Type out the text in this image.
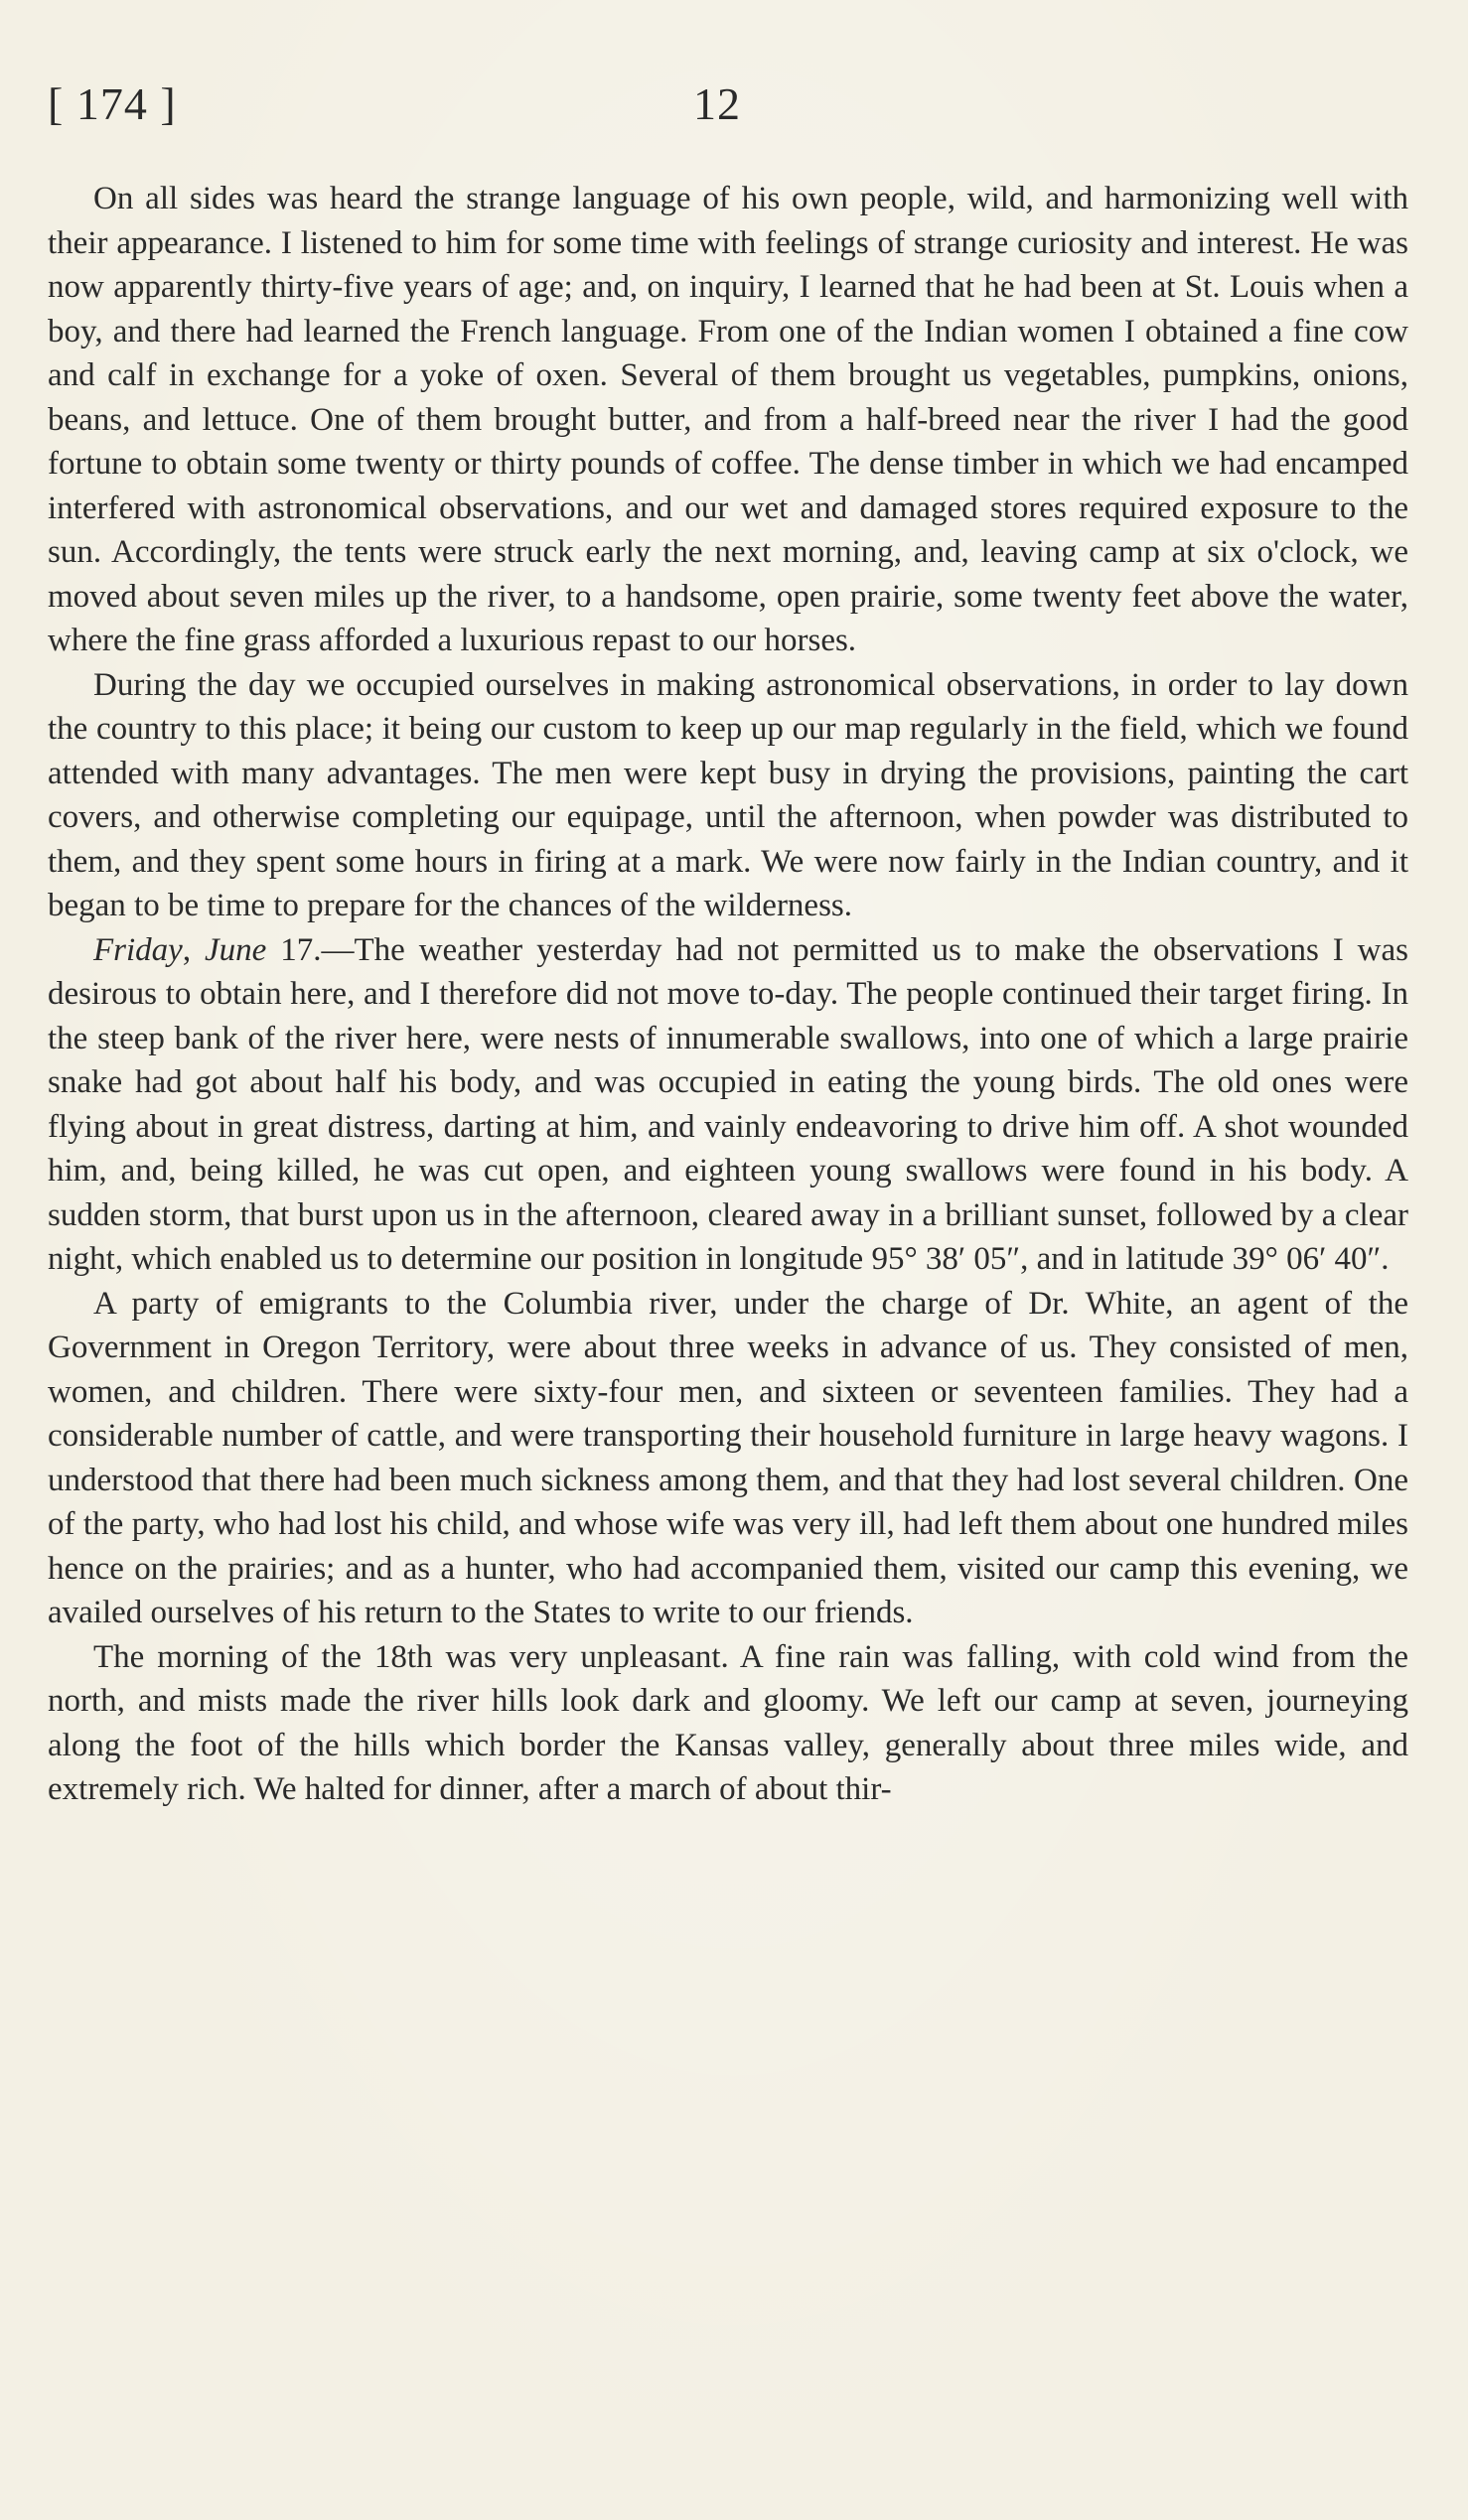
[ 174 ]	12

On all sides was heard the strange language of his own people, wild, and harmonizing well with their appearance. I listened to him for some time with feelings of strange curiosity and interest. He was now apparently thirty-five years of age; and, on inquiry, I learned that he had been at St. Louis when a boy, and there had learned the French language. From one of the Indian women I obtained a fine cow and calf in exchange for a yoke of oxen. Several of them brought us vegetables, pumpkins, onions, beans, and lettuce. One of them brought butter, and from a half-breed near the river I had the good fortune to obtain some twenty or thirty pounds of coffee. The dense timber in which we had encamped interfered with astronomical observations, and our wet and damaged stores required exposure to the sun. Accordingly, the tents were struck early the next morning, and, leaving camp at six o'clock, we moved about seven miles up the river, to a handsome, open prairie, some twenty feet above the water, where the fine grass afforded a luxurious repast to our horses.

During the day we occupied ourselves in making astronomical observations, in order to lay down the country to this place; it being our custom to keep up our map regularly in the field, which we found attended with many advantages. The men were kept busy in drying the provisions, painting the cart covers, and otherwise completing our equipage, until the afternoon, when powder was distributed to them, and they spent some hours in firing at a mark. We were now fairly in the Indian country, and it began to be time to prepare for the chances of the wilderness.

Friday, June 17.—The weather yesterday had not permitted us to make the observations I was desirous to obtain here, and I therefore did not move to-day. The people continued their target firing. In the steep bank of the river here, were nests of innumerable swallows, into one of which a large prairie snake had got about half his body, and was occupied in eating the young birds. The old ones were flying about in great distress, darting at him, and vainly endeavoring to drive him off. A shot wounded him, and, being killed, he was cut open, and eighteen young swallows were found in his body. A sudden storm, that burst upon us in the afternoon, cleared away in a brilliant sunset, followed by a clear night, which enabled us to determine our position in longitude 95° 38′ 05″, and in latitude 39° 06′ 40″.

A party of emigrants to the Columbia river, under the charge of Dr. White, an agent of the Government in Oregon Territory, were about three weeks in advance of us. They consisted of men, women, and children. There were sixty-four men, and sixteen or seventeen families. They had a considerable number of cattle, and were transporting their household furniture in large heavy wagons. I understood that there had been much sickness among them, and that they had lost several children. One of the party, who had lost his child, and whose wife was very ill, had left them about one hundred miles hence on the prairies; and as a hunter, who had accompanied them, visited our camp this evening, we availed ourselves of his return to the States to write to our friends.

The morning of the 18th was very unpleasant. A fine rain was falling, with cold wind from the north, and mists made the river hills look dark and gloomy. We left our camp at seven, journeying along the foot of the hills which border the Kansas valley, generally about three miles wide, and extremely rich. We halted for dinner, after a march of about thir-
